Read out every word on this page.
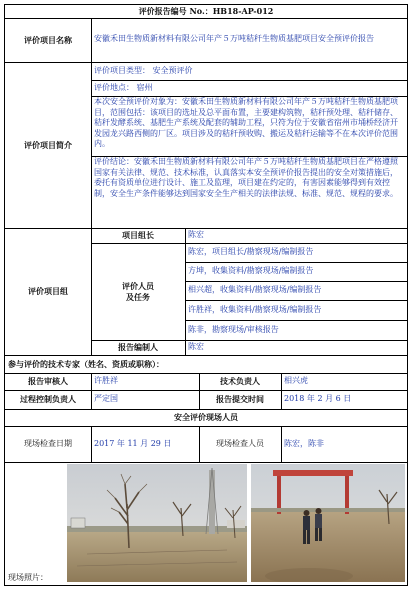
评价报告编号 No.：HB18-AP-012
评价项目名称	安徽禾田生物质新材料有限公司年产５万吨秸秆生物质基肥项目安全预评价报告
评价项目简介
评价项目类型： 安全预评价
评价地点： 宿州
本次安全预评价对象为：安徽禾田生物质新材料有限公司年产５万吨秸秆生物质基肥项目，范围包括：该项目的选址及总平面布置，主要建构筑物，秸秆预处理、秸秆储存、秸秆发酵系统、基肥生产系统及配套的辅助工程，只符为位于安徽省宿州市埇桥经济开发园龙兴路西侧的厂区。项目涉及的秸秆预收购、搬运及秸秆运输等不在本次评价范围内。
评价结论：安徽禾田生物质新材料有限公司年产５万吨秸秆生物质基肥项目在严格遵照国家有关法律、规范、技术标准，认真落实本安全预评价报告提出的安全对策措施后，委托有资质单位进行设计、施工及监理，项目建在约定的，有害因素能够得到有效控制，安全生产条件能够达到国家安全生产相关的法律法规、标准、规范、规程的要求。
评价项目组
项目组长	陈宏
评价人员
及任务
陈宏，项目组长/勘察现场/编制报告
方坤，收集资料/勘察现场/编制报告
相兴超，收集资料/勘察现场/编制报告
许胜祥，收集资料/勘察现场/编制报告
陈非，勘察现场/审核报告
报告编制人	陈宏
参与评价的技术专家（姓名、资质或职称）：
报告审核人	许胜祥	技术负责人	相兴虎
过程控制负责人	严定国	报告提交时间	2018 年 2 月 6 日
安全评价现场人员
现场检查日期	2017 年 11 月 29 日	现场检查人员	陈宏，陈非
现场照片：
